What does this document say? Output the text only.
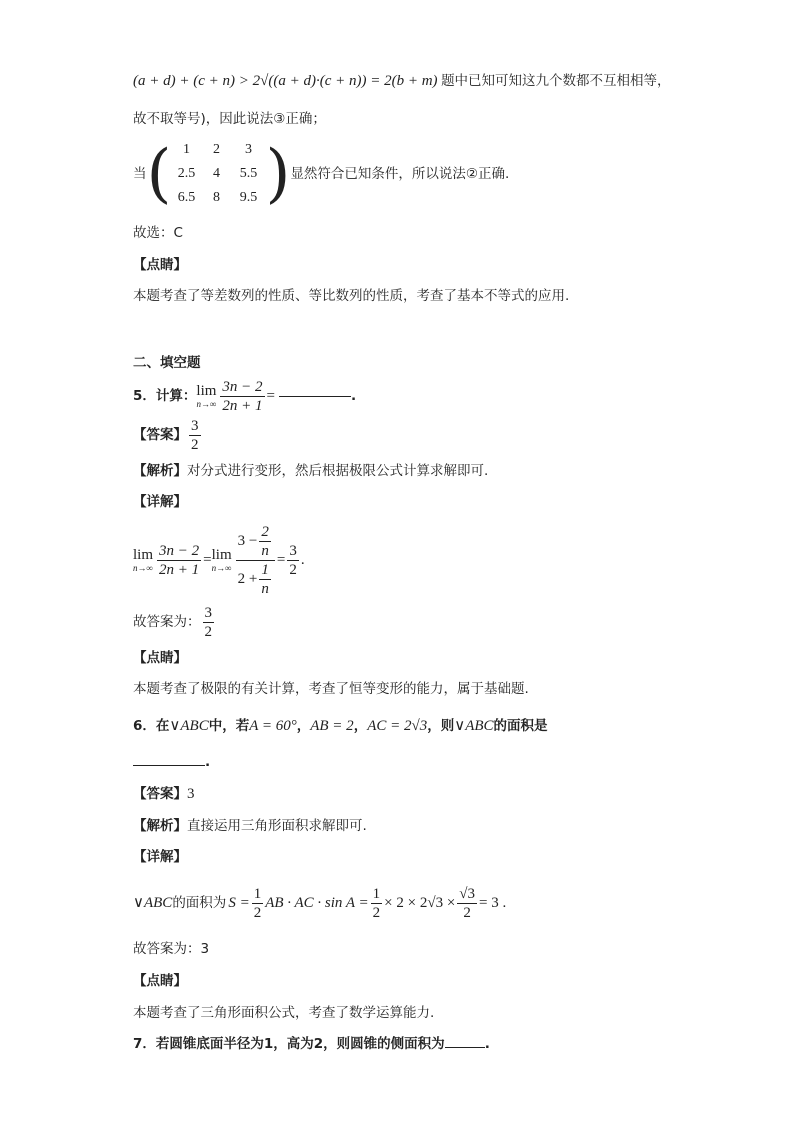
(a + d) + (c + n) > 2√((a + d)·(c + n)) = 2(b + m) 题中已知可知这九个数都不互相相等，
故不取等号)，因此说法③正确；
当 ( 1	2	3
2.5	4	5.5
6.5	8	9.5 ) 显然符合已知条件，所以说法②正确.
故选：C
【点睛】
本题考查了等差数列的性质、等比数列的性质，考查了基本不等式的应用.
二、填空题
5．计算： lim
$n\to\infty \frac{3n - 2}{2n + 1}$ =	.
【答案】 $\frac{3}{2}$
【解析】对分式进行变形，然后根据极限公式计算求解即可.
【详解】
lim
$n\to\infty \frac{3n - 2}{2n + 1} = \lim$
$n\to\infty \frac{3 - \frac{2}{n}}{2 + \frac{1}{n}} = \frac{3}{2}$ .
故答案为： $\frac{3}{2}$
【点睛】
本题考查了极限的有关计算，考查了恒等变形的能力，属于基础题.
6．在∨ABC中，若A = 60°，AB = 2，AC = 2√3，则∨ABC的面积是
.
【答案】3
【解析】直接运用三角形面积求解即可.
【详解】
∨ABC 的面积为 $S = \frac{1}{2}$ AB · AC · $\sin A = \frac{1}{2} \times 2 \times 2√3 \times \frac{√3}{2} = 3$ .
故答案为：3
【点睛】
本题考查了三角形面积公式，考查了数学运算能力.
7．若圆锥底面半径为1，高为2，则圆锥的侧面积为	.
